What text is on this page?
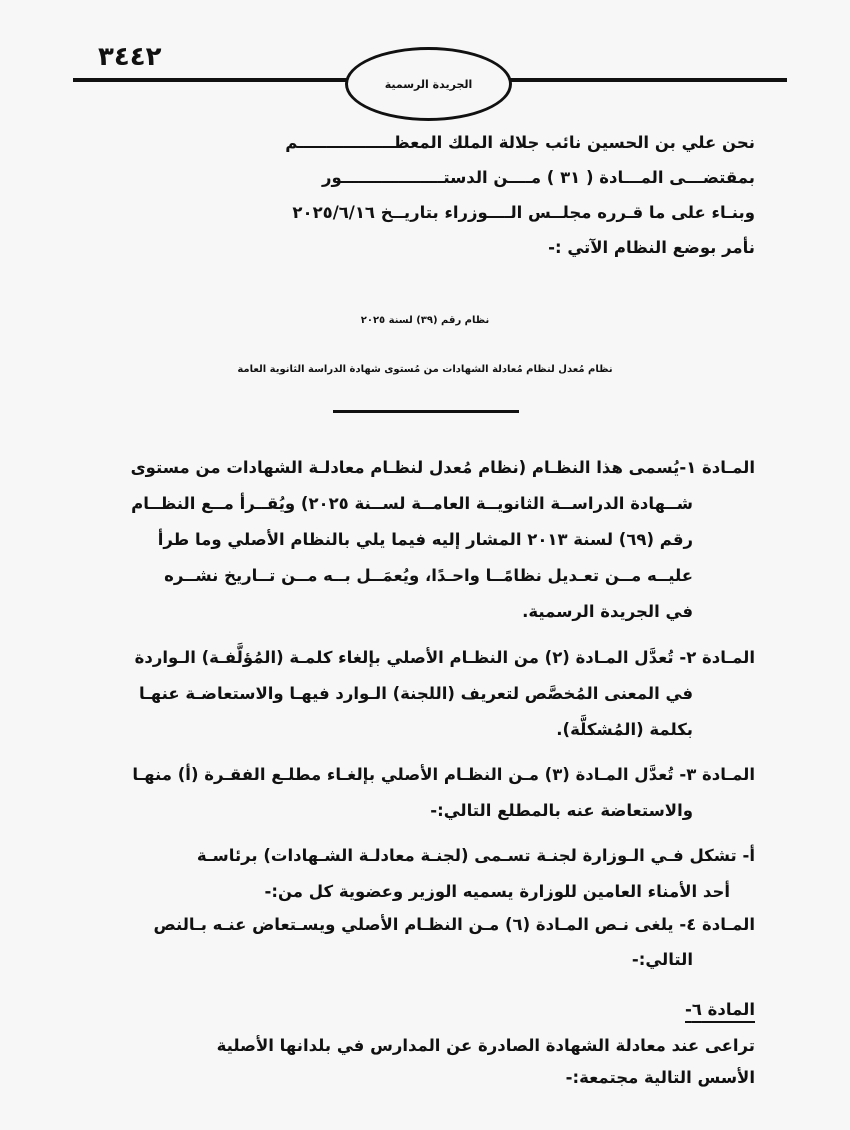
٣٤٤٢
الجريدة الرسمية
نحن علي بن الحسين نائب جلالة الملك المعظـــــــــــــــــم
بمقتضـــى المـــادة ( ٣١ ) مــــن الدستــــــــــــــــــور
وبنـاء على ما قـرره مجلــس الــــوزراء بتاريــخ ٢٠٢٥/٦/١٦
نأمر بوضع النظام الآتي :-
نظام رقم (٣٩) لسنة ٢٠٢٥
نظام مُعدل لنظام مُعادلة الشهادات من مُستوى شهادة الدراسة الثانوية العامة
المـادة ١-يُسمى هذا النظـام (نظام مُعدل لنظـام معادلـة الشهادات من مستوى
شــهادة الدراســة الثانويــة العامــة لســنة ٢٠٢٥) ويُقــرأ مــع النظــام
رقم (٦٩) لسنة ٢٠١٣ المشار إليه فيما يلي بالنظام الأصلي وما طرأ
عليــه مــن تعـديل نظامًــا واحـدًا، ويُعمَــل بــه مــن تــاريخ نشــره
في الجريدة الرسمية.
المـادة ٢- تُعدَّل المـادة (٢) من النظـام الأصلي بإلغاء كلمـة (المُؤلَّفـة) الـواردة
في المعنى المُخصَّص لتعريف (اللجنة) الـوارد فيهـا والاستعاضـة عنهـا
بكلمة (المُشكلَّة).
المـادة ٣- تُعدَّل المـادة (٣) مـن النظـام الأصلي بإلغـاء مطلـع الفقـرة (أ) منهـا
والاستعاضة عنه بالمطلع التالي:-
أ- تشكل فـي الـوزارة لجنـة تسـمى (لجنـة معادلـة الشـهادات) برئاسـة
أحد الأمناء العامين للوزارة يسميه الوزير وعضوية كل من:-
المـادة ٤- يلغى نـص المـادة (٦) مـن النظـام الأصلي ويسـتعاض عنـه بـالنص
التالي:-
المادة ٦-
تراعى عند معادلة الشهادة الصادرة عن المدارس في بلدانها الأصلية
الأسس التالية مجتمعة:-
